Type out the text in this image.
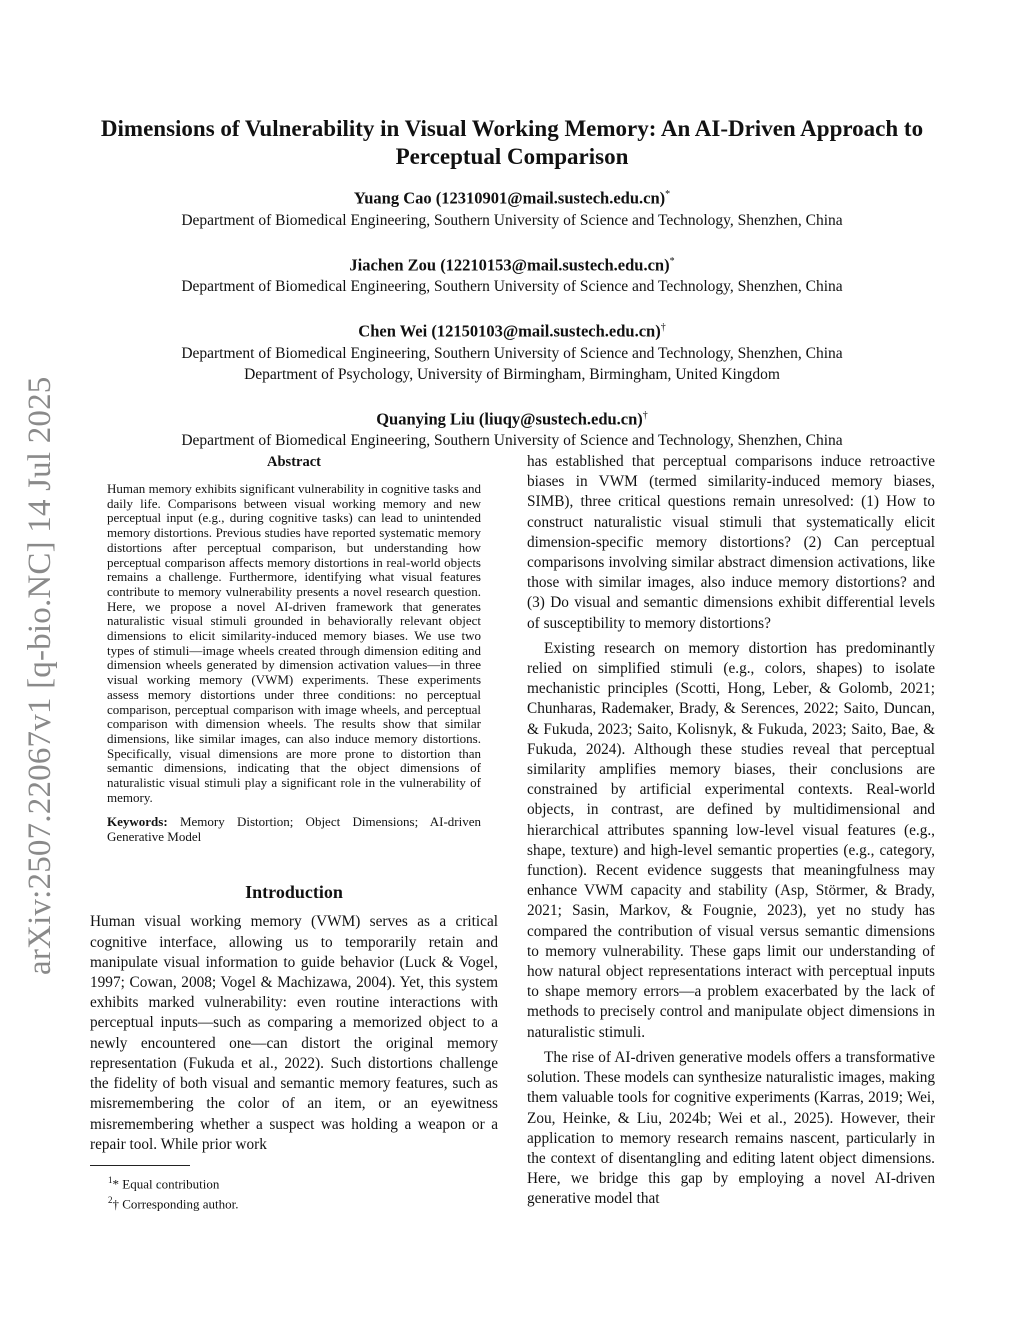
arXiv:2507.22067v1 [q-bio.NC] 14 Jul 2025
Dimensions of Vulnerability in Visual Working Memory: An AI-Driven Approach to Perceptual Comparison
Yuang Cao (12310901@mail.sustech.edu.cn)*
Department of Biomedical Engineering, Southern University of Science and Technology, Shenzhen, China
Jiachen Zou (12210153@mail.sustech.edu.cn)*
Department of Biomedical Engineering, Southern University of Science and Technology, Shenzhen, China
Chen Wei (12150103@mail.sustech.edu.cn)†
Department of Biomedical Engineering, Southern University of Science and Technology, Shenzhen, China
Department of Psychology, University of Birmingham, Birmingham, United Kingdom
Quanying Liu (liuqy@sustech.edu.cn)†
Department of Biomedical Engineering, Southern University of Science and Technology, Shenzhen, China
Abstract

Human memory exhibits significant vulnerability in cognitive tasks and daily life. Comparisons between visual working memory and new perceptual input (e.g., during cognitive tasks) can lead to unintended memory distortions. Previous studies have reported systematic memory distortions after perceptual comparison, but understanding how perceptual comparison affects memory distortions in real-world objects remains a challenge. Furthermore, identifying what visual features contribute to memory vulnerability presents a novel research question. Here, we propose a novel AI-driven framework that generates naturalistic visual stimuli grounded in behaviorally relevant object dimensions to elicit similarity-induced memory biases. We use two types of stimuli—image wheels created through dimension editing and dimension wheels generated by dimension activation values—in three visual working memory (VWM) experiments. These experiments assess memory distortions under three conditions: no perceptual comparison, perceptual comparison with image wheels, and perceptual comparison with dimension wheels. The results show that similar dimensions, like similar images, can also induce memory distortions. Specifically, visual dimensions are more prone to distortion than semantic dimensions, indicating that the object dimensions of naturalistic visual stimuli play a significant role in the vulnerability of memory.

Keywords: Memory Distortion; Object Dimensions; AI-driven Generative Model

Introduction

Human visual working memory (VWM) serves as a critical cognitive interface, allowing us to temporarily retain and manipulate visual information to guide behavior (Luck & Vogel, 1997; Cowan, 2008; Vogel & Machizawa, 2004). Yet, this system exhibits marked vulnerability: even routine interactions with perceptual inputs—such as comparing a memorized object to a newly encountered one—can distort the original memory representation (Fukuda et al., 2022). Such distortions challenge the fidelity of both visual and semantic memory features, such as misremembering the color of an item, or an eyewitness misremembering whether a suspect was holding a weapon or a repair tool. While prior work

$^1$* Equal contribution
$^2$† Corresponding author.

has established that perceptual comparisons induce retroactive biases in VWM (termed similarity-induced memory biases, SIMB), three critical questions remain unresolved: (1) How to construct naturalistic visual stimuli that systematically elicit dimension-specific memory distortions? (2) Can perceptual comparisons involving similar abstract dimension activations, like those with similar images, also induce memory distortions? and (3) Do visual and semantic dimensions exhibit differential levels of susceptibility to memory distortions?

Existing research on memory distortion has predominantly relied on simplified stimuli (e.g., colors, shapes) to isolate mechanistic principles (Scotti, Hong, Leber, & Golomb, 2021; Chunharas, Rademaker, Brady, & Serences, 2022; Saito, Duncan, & Fukuda, 2023; Saito, Kolisnyk, & Fukuda, 2023; Saito, Bae, & Fukuda, 2024). Although these studies reveal that perceptual similarity amplifies memory biases, their conclusions are constrained by artificial experimental contexts. Real-world objects, in contrast, are defined by multidimensional and hierarchical attributes spanning low-level visual features (e.g., shape, texture) and high-level semantic properties (e.g., category, function). Recent evidence suggests that meaningfulness may enhance VWM capacity and stability (Asp, Störmer, & Brady, 2021; Sasin, Markov, & Fougnie, 2023), yet no study has compared the contribution of visual versus semantic dimensions to memory vulnerability. These gaps limit our understanding of how natural object representations interact with perceptual inputs to shape memory errors—a problem exacerbated by the lack of methods to precisely control and manipulate object dimensions in naturalistic stimuli.

The rise of AI-driven generative models offers a transformative solution. These models can synthesize naturalistic images, making them valuable tools for cognitive experiments (Karras, 2019; Wei, Zou, Heinke, & Liu, 2024b; Wei et al., 2025). However, their application to memory research remains nascent, particularly in the context of disentangling and editing latent object dimensions. Here, we bridge this gap by employing a novel AI-driven generative model that
